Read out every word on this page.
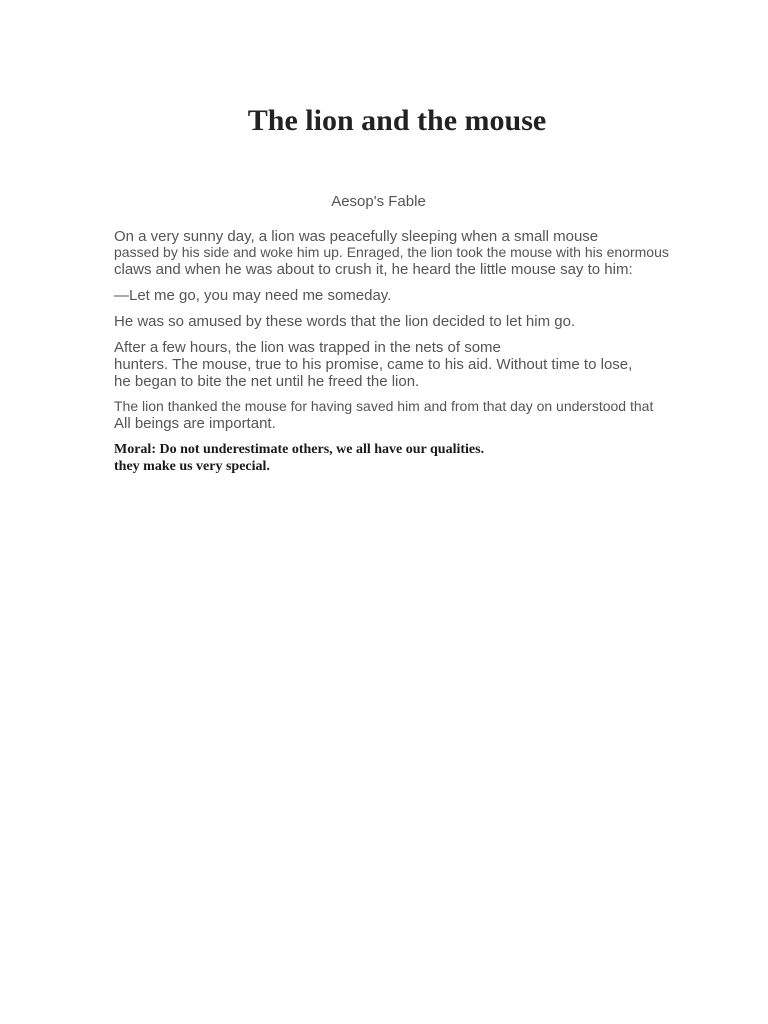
The lion and the mouse
Aesop's Fable
On a very sunny day, a lion was peacefully sleeping when a small mouse
passed by his side and woke him up. Enraged, the lion took the mouse with his enormous
claws and when he was about to crush it, he heard the little mouse say to him:
—Let me go, you may need me someday.
He was so amused by these words that the lion decided to let him go.
After a few hours, the lion was trapped in the nets of some
hunters. The mouse, true to his promise, came to his aid. Without time to lose,
he began to bite the net until he freed the lion.
The lion thanked the mouse for having saved him and from that day on understood that
All beings are important.
Moral: Do not underestimate others, we all have our qualities.
they make us very special.
